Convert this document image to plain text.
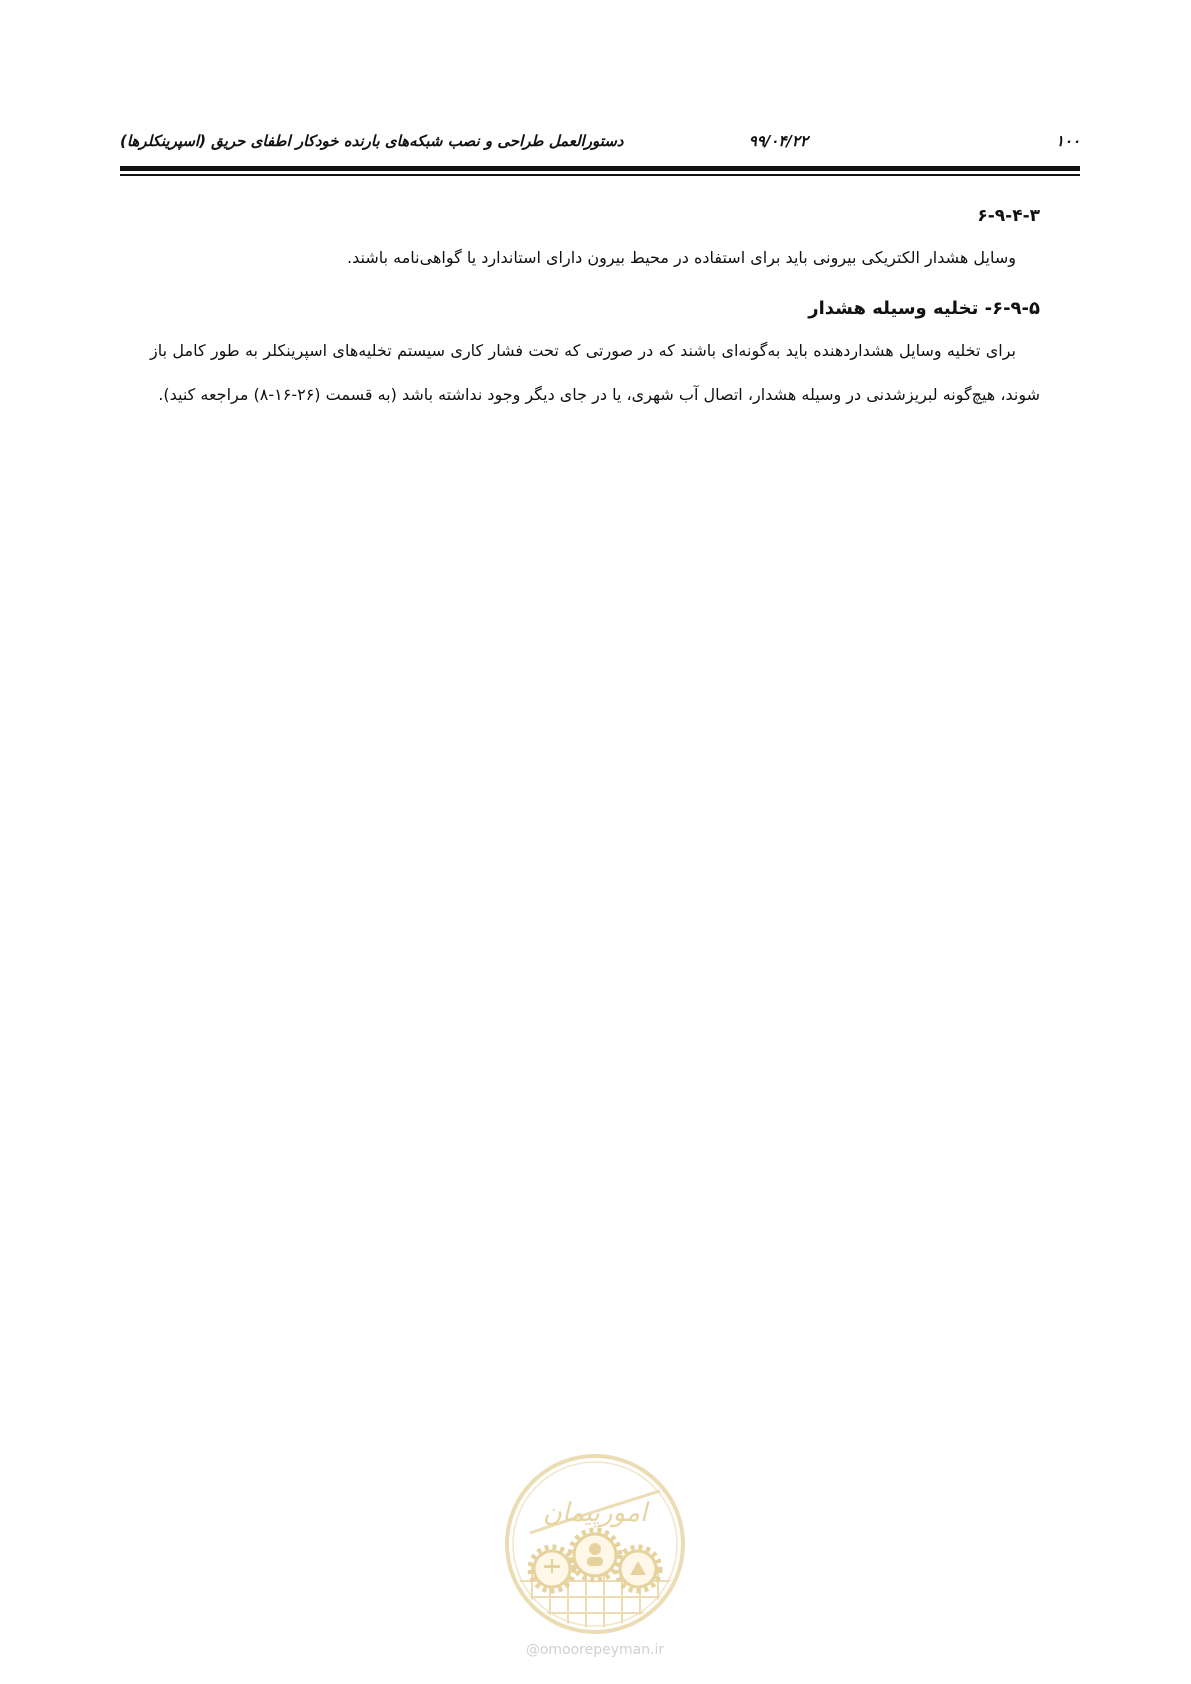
۱۰۰
۹۹/۰۴/۲۲
دستورالعمل طراحی و نصب شبکه‌های بارنده خودکار اطفای حریق (اسپرینکلرها)
۶-۹-۴-۳

وسایل هشدار الکتریکی بیرونی باید برای استفاده در محیط بیرون دارای استاندارد یا گواهی‌نامه باشند.

۶-۹-۵- تخلیه وسیله هشدار

برای تخلیه وسایل هشداردهنده باید به‌گونه‌ای باشند که در صورتی که تحت فشار کاری سیستم تخلیه‌های اسپرینکلر به طور کامل باز شوند، هیچ‌گونه لبریزشدنی در وسیله هشدار، اتصال آب شهری، یا در جای دیگر وجود نداشته باشد (به قسمت (۲۶-۱۶-۸) مراجعه کنید).

امورپیمان
@omoorepeyman.ir
